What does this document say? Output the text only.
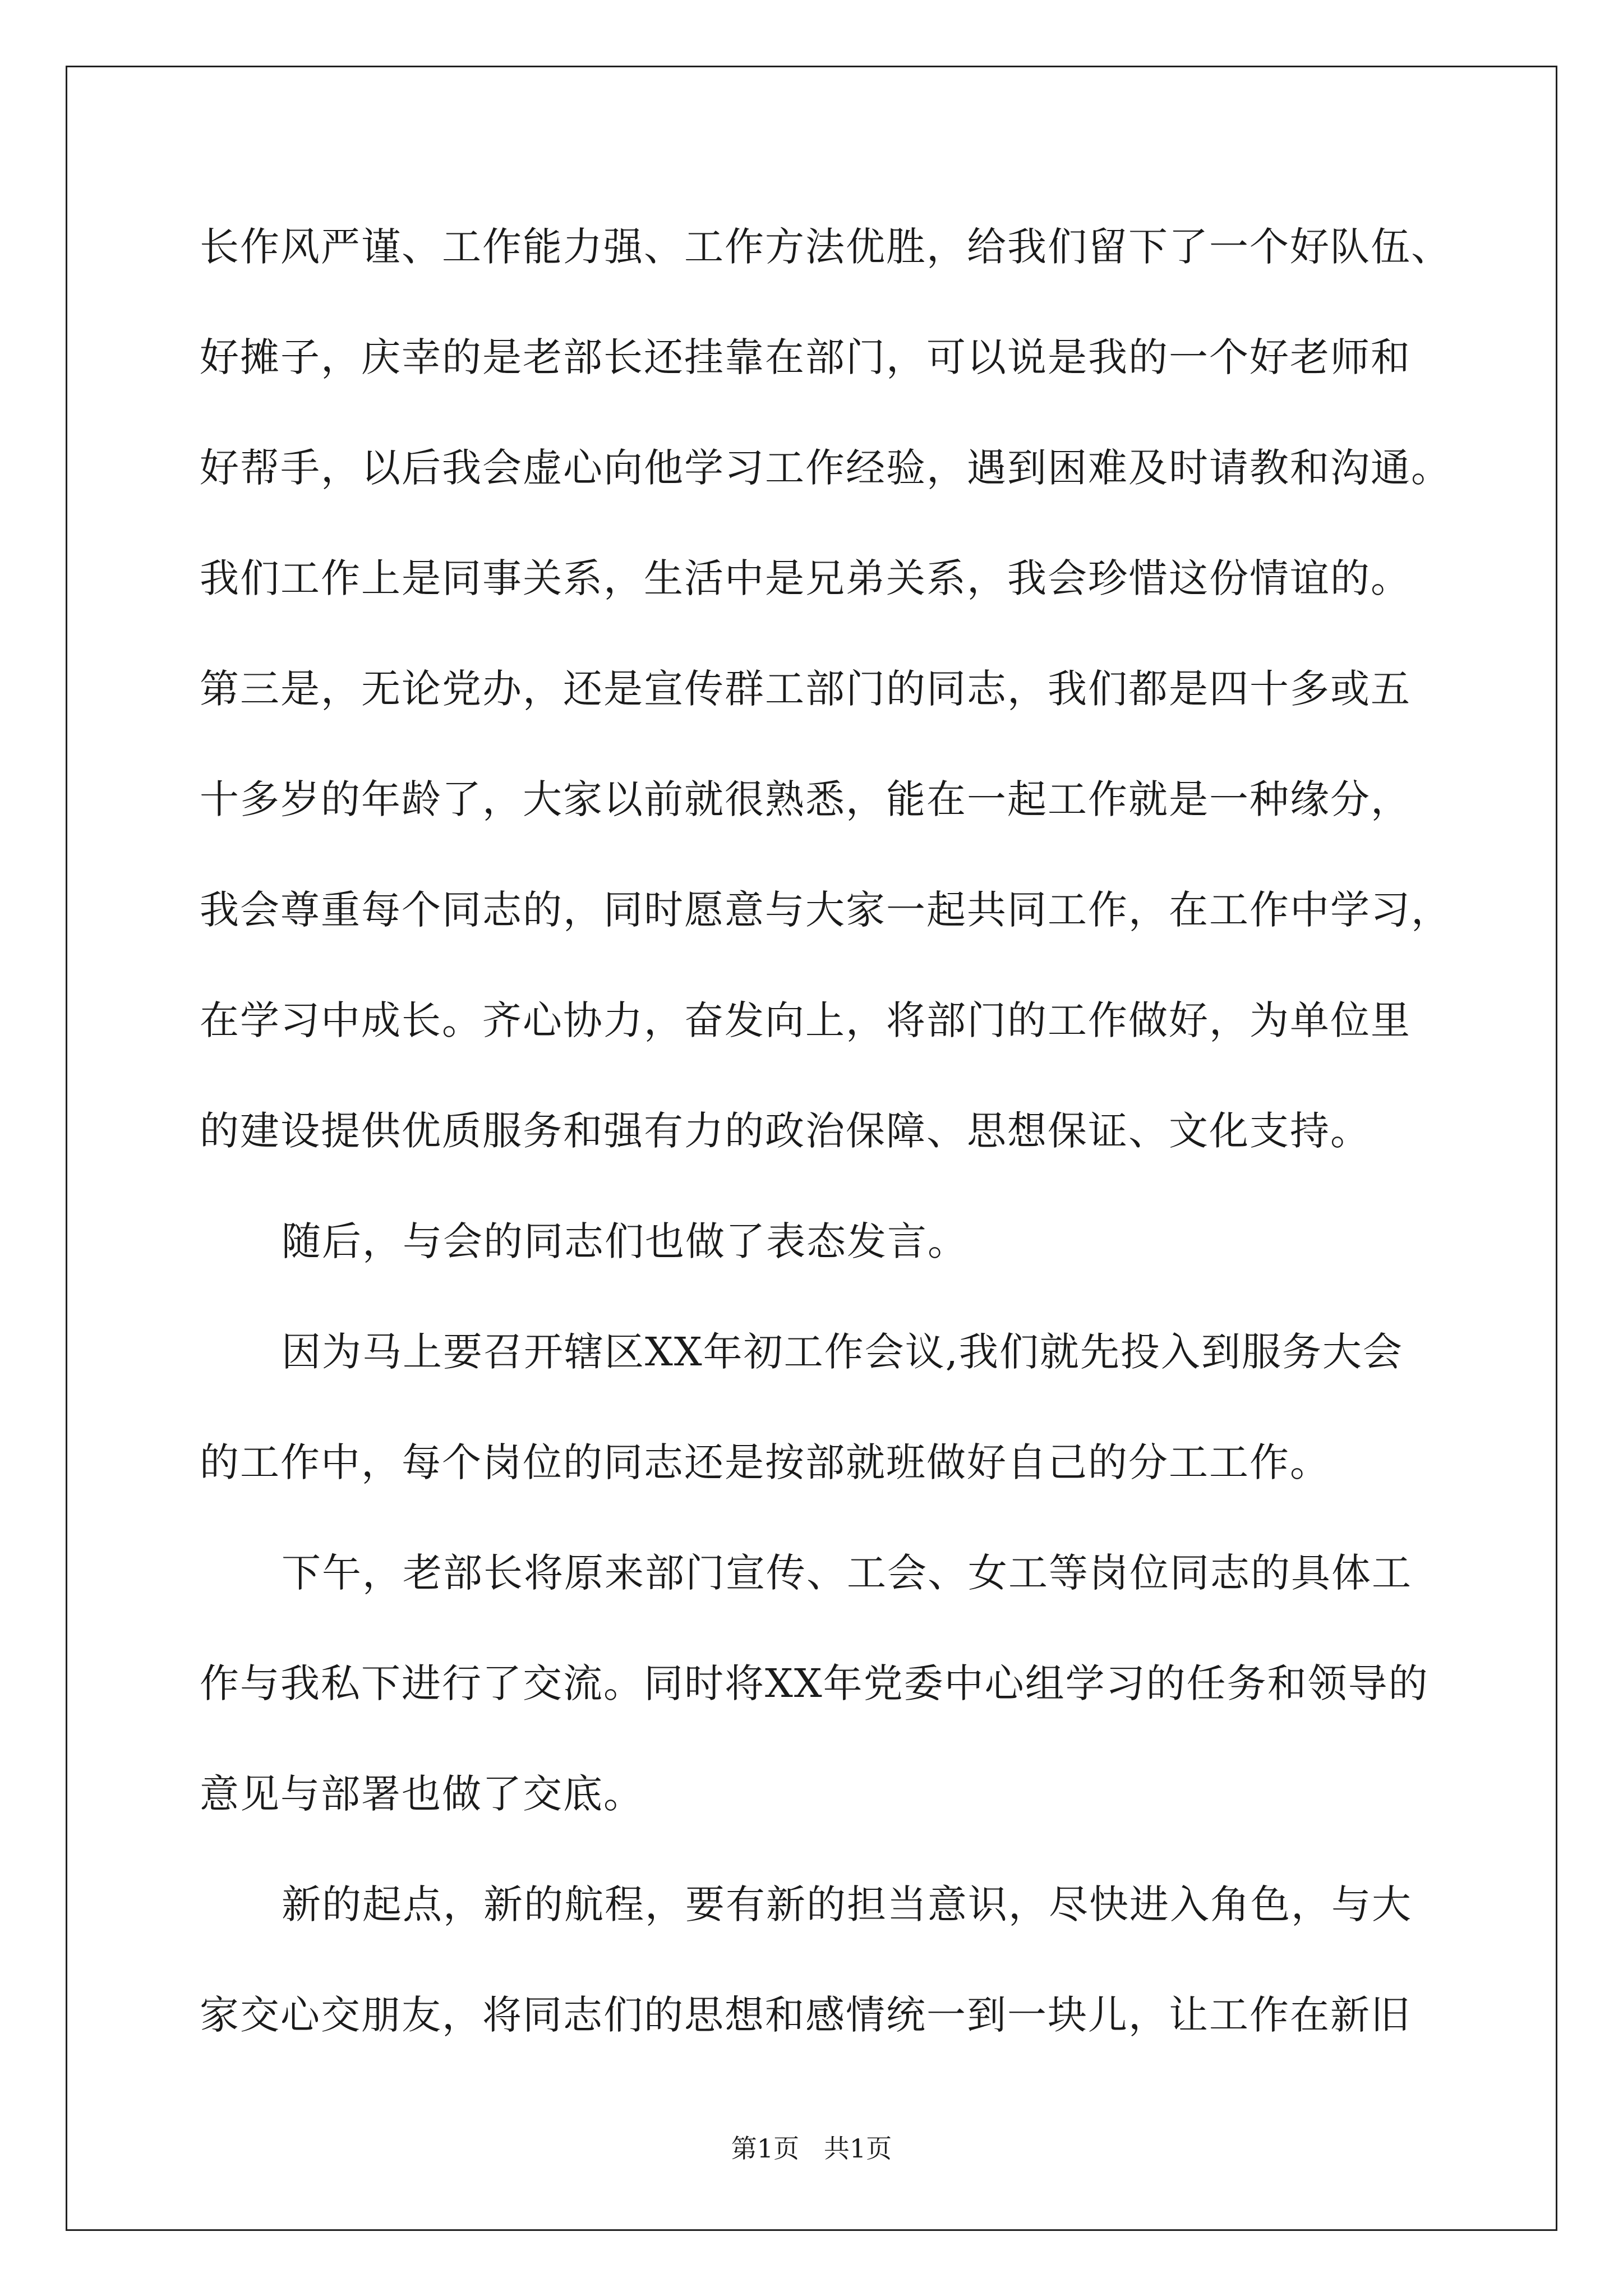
长作风严谨、工作能力强、工作方法优胜，给我们留下了一个好队伍、
好摊子，庆幸的是老部长还挂靠在部门，可以说是我的一个好老师和
好帮手，以后我会虚心向他学习工作经验，遇到困难及时请教和沟通。
我们工作上是同事关系，生活中是兄弟关系，我会珍惜这份情谊的。
第三是，无论党办，还是宣传群工部门的同志，我们都是四十多或五
十多岁的年龄了，大家以前就很熟悉，能在一起工作就是一种缘分，
我会尊重每个同志的，同时愿意与大家一起共同工作，在工作中学习，
在学习中成长。齐心协力，奋发向上，将部门的工作做好，为单位里
的建设提供优质服务和强有力的政治保障、思想保证、文化支持。
随后，与会的同志们也做了表态发言。
因为马上要召开辖区XX年初工作会议,我们就先投入到服务大会
的工作中，每个岗位的同志还是按部就班做好自己的分工工作。
下午，老部长将原来部门宣传、工会、女工等岗位同志的具体工
作与我私下进行了交流。同时将XX年党委中心组学习的任务和领导的
意见与部署也做了交底。
新的起点，新的航程，要有新的担当意识，尽快进入角色，与大
家交心交朋友，将同志们的思想和感情统一到一块儿，让工作在新旧
第1页   共1页
